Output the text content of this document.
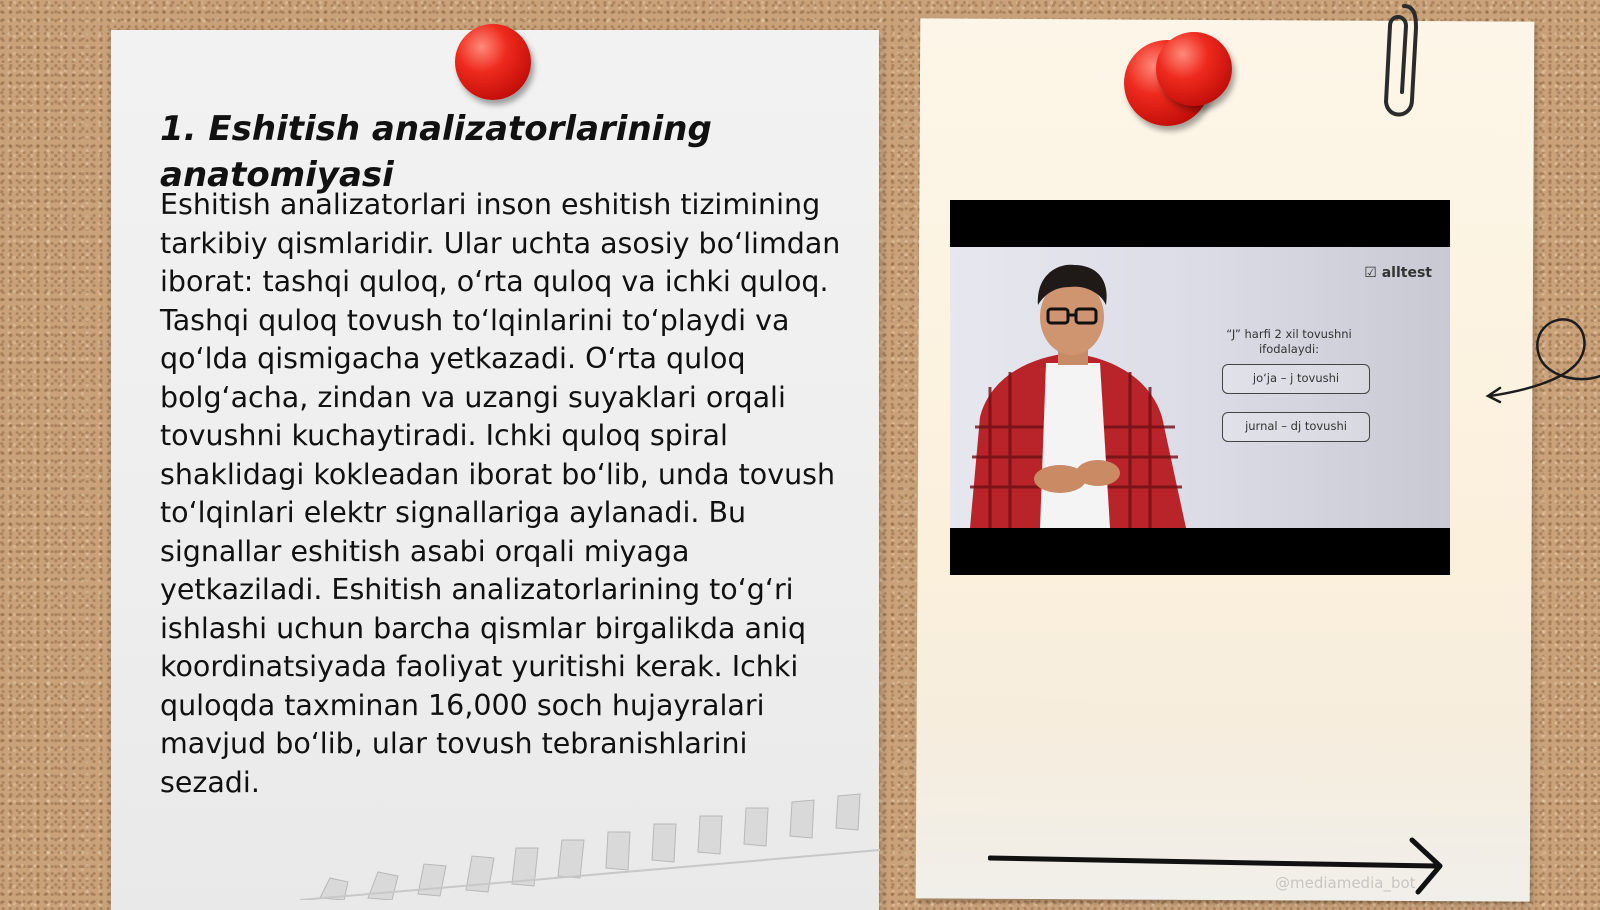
1. Eshitish analizatorlarining anatomiyasi

Eshitish analizatorlari inson eshitish tizimining tarkibiy qismlaridir. Ular uchta asosiy bo‘limdan iborat: tashqi quloq, o‘rta quloq va ichki quloq. Tashqi quloq tovush to‘lqinlarini to‘playdi va qo‘lda qismigacha yetkazadi. O‘rta quloq bolg‘acha, zindan va uzangi suyaklari orqali tovushni kuchaytiradi. Ichki quloq spiral shaklidagi kokleadan iborat bo‘lib, unda tovush to‘lqinlari elektr signallariga aylanadi. Bu signallar eshitish asabi orqali miyaga yetkaziladi. Eshitish analizatorlarining to‘g‘ri ishlashi uchun barcha qismlar birgalikda aniq koordinatsiyada faoliyat yuritishi kerak. Ichki quloqda taxminan 16,000 soch hujayralari mavjud bo‘lib, ular tovush tebranishlarini sezadi.

☑ alltest
“J” harfi 2 xil tovushni ifodalaydi:
jo‘ja – j tovushi
jurnal – dj tovushi
@mediamedia_bot
